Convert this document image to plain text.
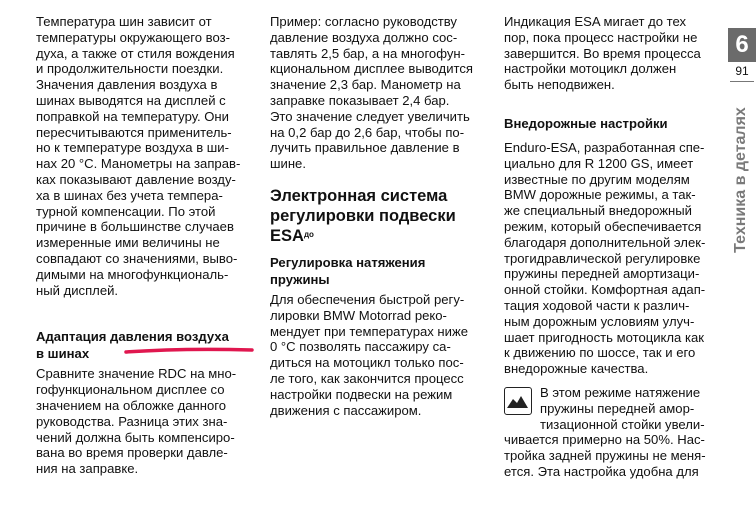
Температура шин зависит от
температуры окружающего воз-
духа, а также от стиля вождения
и продолжительности поездки.
Значения давления воздуха в
шинах выводятся на дисплей с
поправкой на температуру. Они
пересчитываются применитель-
но к температуре воздуха в ши-
нах 20 °C. Манометры на заправ-
ках показывают давление возду-
ха в шинах без учета темпера-
турной компенсации. По этой
причине в большинстве случаев
измеренные ими величины не
совпадают со значениями, выво-
димыми на многофункциональ-
ный дисплей.

Адаптация давления воздуха
в шинах

Сравните значение RDC на мно-
гофункциональном дисплее со
значением на обложке данного
руководства. Разница этих зна-
чений должна быть компенсиро-
вана во время проверки давле-
ния на заправке.

Пример: согласно руководству
давление воздуха должно сос-
тавлять 2,5 бар, а на многофун-
кциональном дисплее выводится
значение 2,3 бар. Манометр на
заправке показывает 2,4 бар.
Это значение следует увеличить
на 0,2 бар до 2,6 бар, чтобы по-
лучить правильное давление в
шине.

Электронная система
регулировки подвески
$ESA^{до}$
Регулировка натяжения
пружины

Для обеспечения быстрой регу-
лировки BMW Motorrad реко-
мендует при температурах ниже
0 °C позволять пассажиру са-
диться на мотоцикл только пос-
ле того, как закончится процесс
настройки подвески на режим
движения с пассажиром.

Индикация ESA мигает до тех
пор, пока процесс настройки не
завершится. Во время процесса
настройки мотоцикл должен
быть неподвижен.

Внедорожные настройки

Enduro-ESA, разработанная спе-
циально для R 1200 GS, имеет
известные по другим моделям
BMW дорожные режимы, а так-
же специальный внедорожный
режим, который обеспечивается
благодаря дополнительной элек-
трогидравлической регулировке
пружины передней амортизаци-
онной стойки. Комфортная адап-
тация ходовой части к различ-
ным дорожным условиям улуч-
шает пригодность мотоцикла как
к движению по шоссе, так и его
внедорожные качества.

В этом режиме натяжение
пружины передней амор-
тизационной стойки увели-
чивается примерно на 50%. Нас-
тройка задней пружины не меня-
ется. Эта настройка удобна для

6
91
Техника в деталях
